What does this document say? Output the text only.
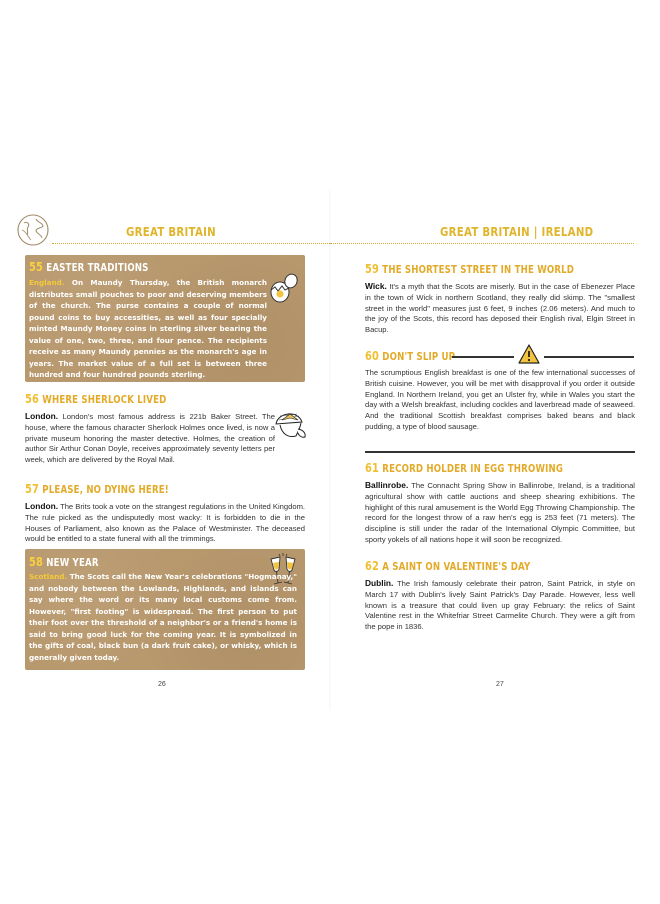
GREAT BRITAIN
55 EASTER TRADITIONS

England. On Maundy Thursday, the British monarch distributes small pouches to poor and deserving members of the church. The purse contains a couple of normal pound coins to buy accessities, as well as four specially minted Maundy Money coins in sterling silver bearing the value of one, two, three, and four pence. The recipients receive as many Maundy pennies as the monarch's age in years. The market value of a full set is between three hundred and four hundred pounds sterling.

56 WHERE SHERLOCK LIVED

London. London's most famous address is 221b Baker Street. The house, where the famous character Sherlock Holmes once lived, is now a private museum honoring the master detective. Holmes, the creation of author Sir Arthur Conan Doyle, receives approximately seventy letters per week, which are delivered by the Royal Mail.

57 PLEASE, NO DYING HERE!

London. The Brits took a vote on the strangest regulations in the United Kingdom. The rule picked as the undisputedly most wacky: It is forbidden to die in the Houses of Parliament, also known as the Palace of Westminster. The deceased would be entitled to a state funeral with all the trimmings.

58 NEW YEAR

Scotland. The Scots call the New Year's celebrations "Hogmanay," and nobody between the Lowlands, Highlands, and islands can say where the word or its many local customs come from. However, "first footing" is widespread. The first person to put their foot over the threshold of a neighbor's or a friend's home is said to bring good luck for the coming year. It is symbolized in the gifts of coal, black bun (a dark fruit cake), or whisky, which is generally given today.

26
GREAT BRITAIN | IRELAND
59 THE SHORTEST STREET IN THE WORLD

Wick. It's a myth that the Scots are miserly. But in the case of Ebenezer Place in the town of Wick in northern Scotland, they really did skimp. The "smallest street in the world" measures just 6 feet, 9 inches (2.06 meters). And much to the joy of the Scots, this record has deposed their English rival, Elgin Street in Bacup.

60 DON'T SLIP UP

The scrumptious English breakfast is one of the few international successes of British cuisine. However, you will be met with disapproval if you order it outside England. In Northern Ireland, you get an Ulster fry, while in Wales you start the day with a Welsh breakfast, including cockles and laverbread made of seaweed. And the traditional Scottish breakfast comprises baked beans and black pudding, a type of blood sausage.

61 RECORD HOLDER IN EGG THROWING

Ballinrobe. The Connacht Spring Show in Ballinrobe, Ireland, is a traditional agricultural show with cattle auctions and sheep shearing exhibitions. The highlight of this rural amusement is the World Egg Throwing Championship. The record for the longest throw of a raw hen's egg is 253 feet (71 meters). The discipline is still under the radar of the International Olympic Committee, but sporty yokels of all nations hope it will soon be recognized.

62 A SAINT ON VALENTINE'S DAY

Dublin. The Irish famously celebrate their patron, Saint Patrick, in style on March 17 with Dublin's lively Saint Patrick's Day Parade. However, less well known is a treasure that could liven up gray February: the relics of Saint Valentine rest in the Whitefriar Street Carmelite Church. They were a gift from the pope in 1836.

27
